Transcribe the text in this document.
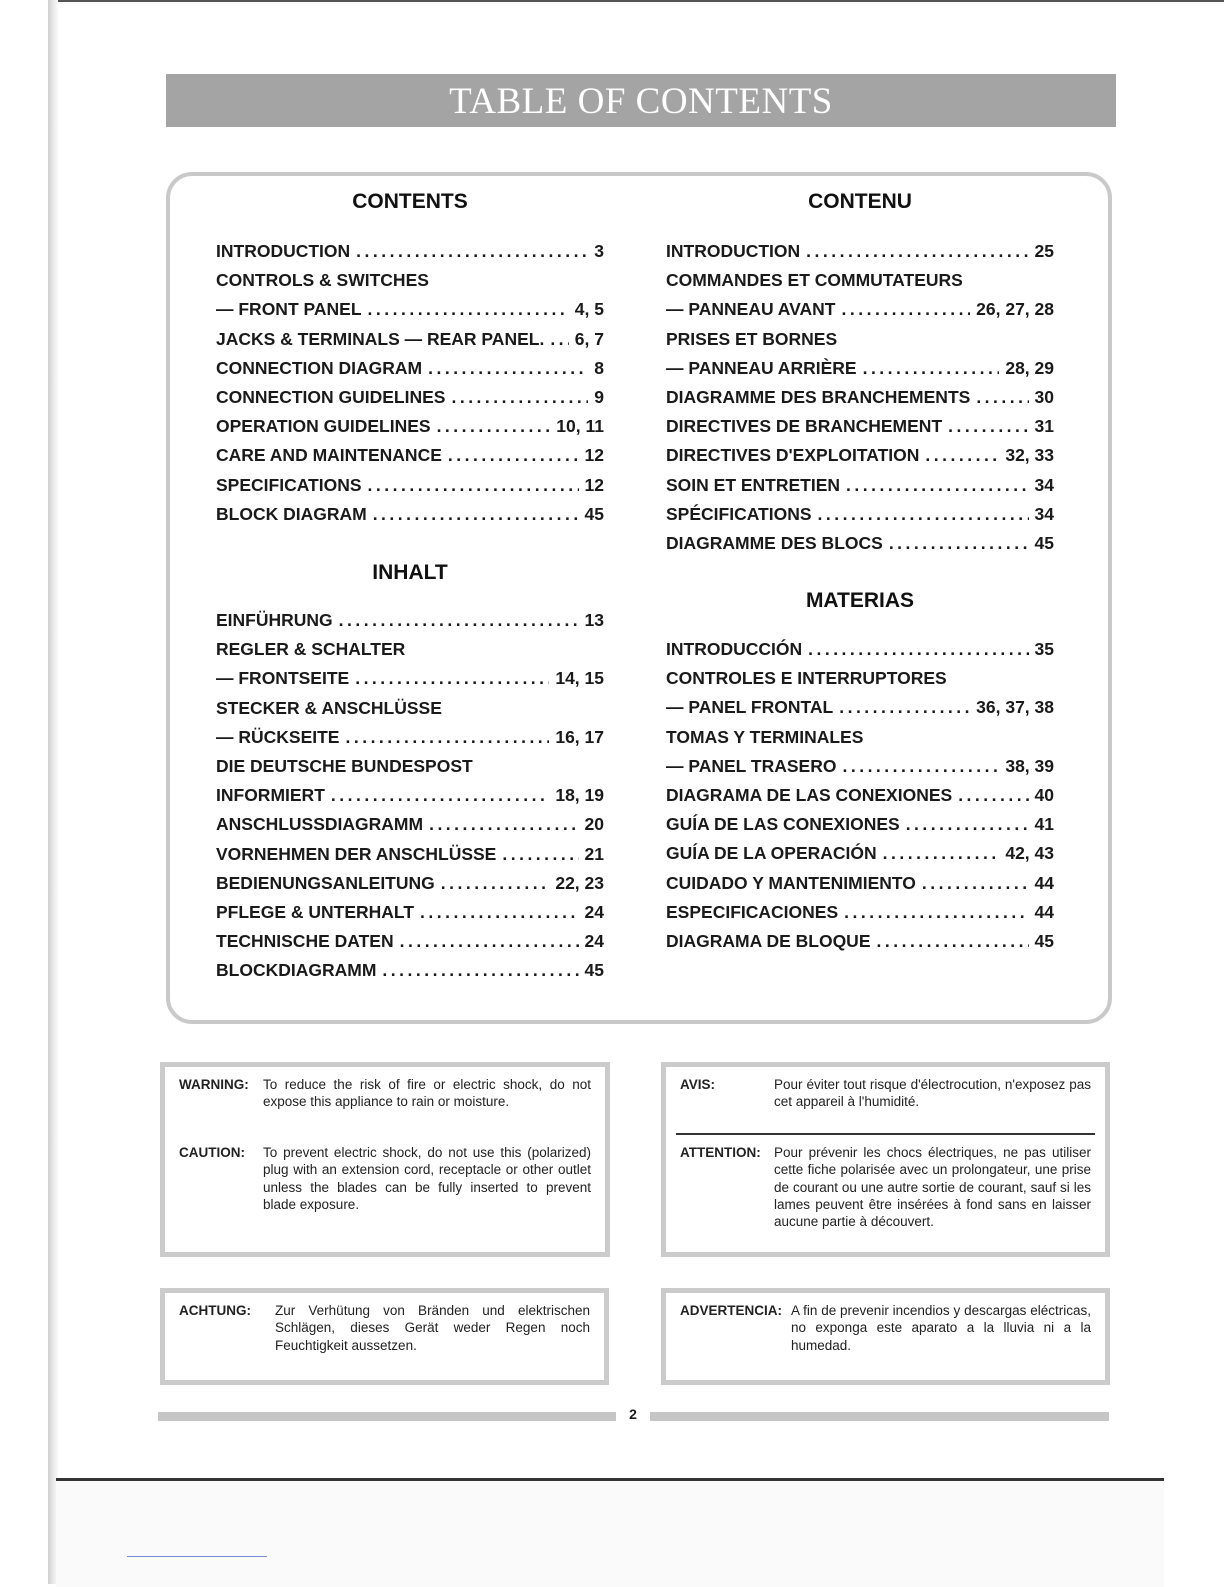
TABLE OF CONTENTS
CONTENTS
INTRODUCTION .....	3
CONTROLS & SWITCHES
— FRONT PANEL .....	4, 5
JACKS & TERMINALS — REAR PANEL. ..... 6, 7
CONNECTION DIAGRAM .....	8
CONNECTION GUIDELINES .....	9
OPERATION GUIDELINES .....	10, 11
CARE AND MAINTENANCE .....	12
SPECIFICATIONS .....	12
BLOCK DIAGRAM .....	45
INHALT
EINFÜHRUNG .....	13
REGLER & SCHALTER
— FRONTSEITE .....	14, 15
STECKER & ANSCHLÜSSE
— RÜCKSEITE .....	16, 17
DIE DEUTSCHE BUNDESPOST
INFORMIERT .....	18, 19
ANSCHLUSSDIAGRAMM .....	20
VORNEHMEN DER ANSCHLÜSSE .....	21
BEDIENUNGSANLEITUNG .....	22, 23
PFLEGE & UNTERHALT .....	24
TECHNISCHE DATEN .....	24
BLOCKDIAGRAMM .....	45
CONTENU
INTRODUCTION .....	25
COMMANDES ET COMMUTATEURS
— PANNEAU AVANT .....	26, 27, 28
PRISES ET BORNES
— PANNEAU ARRIÈRE .....	28, 29
DIAGRAMME DES BRANCHEMENTS .....	30
DIRECTIVES DE BRANCHEMENT .....	31
DIRECTIVES D'EXPLOITATION .....	32, 33
SOIN ET ENTRETIEN .....	34
SPÉCIFICATIONS .....	34
DIAGRAMME DES BLOCS .....	45
MATERIAS
INTRODUCCIÓN .....	35
CONTROLES E INTERRUPTORES
— PANEL FRONTAL .....	36, 37, 38
TOMAS Y TERMINALES
— PANEL TRASERO .....	38, 39
DIAGRAMA DE LAS CONEXIONES .....	40
GUÍA DE LAS CONEXIONES .....	41
GUÍA DE LA OPERACIÓN .....	42, 43
CUIDADO Y MANTENIMIENTO .....	44
ESPECIFICACIONES .....	44
DIAGRAMA DE BLOQUE .....	45
WARNING: To reduce the risk of fire or electric shock, do not expose this appliance to rain or moisture.
CAUTION: To prevent electric shock, do not use this (polarized) plug with an extension cord, receptacle or other outlet unless the blades can be fully inserted to prevent blade exposure.
AVIS:	Pour éviter tout risque d'électrocution, n'exposez pas cet appareil à l'humidité.
ATTENTION: Pour prévenir les chocs électriques, ne pas utiliser cette fiche polarisée avec un prolongateur, une prise de courant ou une autre sortie de courant, sauf si les lames peuvent être insérées à fond sans en laisser aucune partie à découvert.
ACHTUNG: Zur Verhütung von Bränden und elektrischen Schlägen, dieses Gerät weder Regen noch Feuchtigkeit aussetzen.
ADVERTENCIA: A fin de prevenir incendios y descargas eléctricas, no exponga este aparato a la lluvia ni a la humedad.
2
